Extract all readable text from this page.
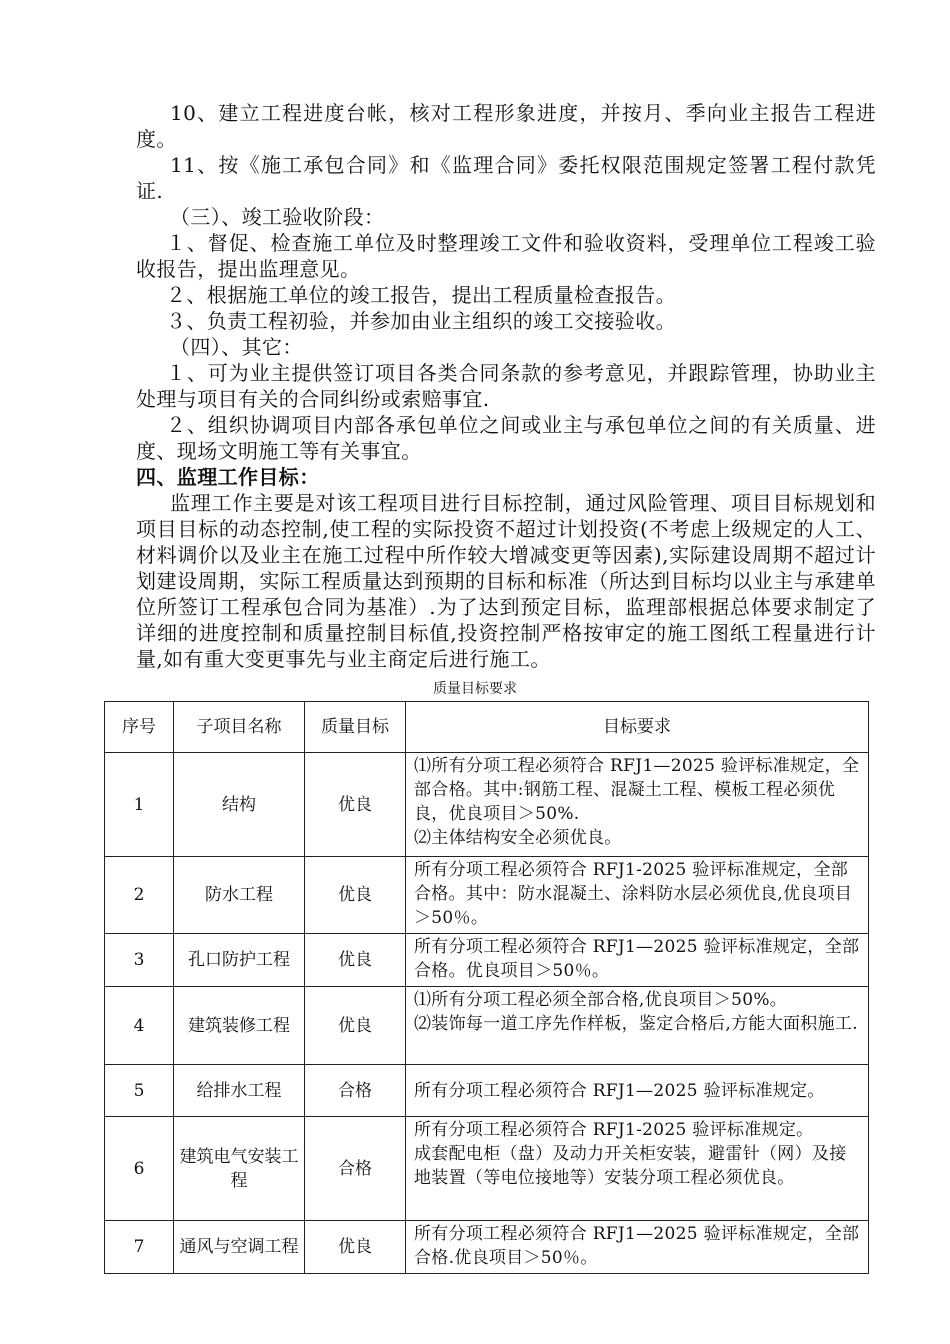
10、建立工程进度台帐，核对工程形象进度，并按月、季向业主报告工程进度。

11、按《施工承包合同》和《监理合同》委托权限范围规定签署工程付款凭证.

（三）、竣工验收阶段：

１、督促、检查施工单位及时整理竣工文件和验收资料，受理单位工程竣工验收报告，提出监理意见。

２、根据施工单位的竣工报告，提出工程质量检查报告。

３、负责工程初验，并参加由业主组织的竣工交接验收。

（四）、其它：

１、可为业主提供签订项目各类合同条款的参考意见，并跟踪管理，协助业主处理与项目有关的合同纠纷或索赔事宜.

２、组织协调项目内部各承包单位之间或业主与承包单位之间的有关质量、进度、现场文明施工等有关事宜。

四、监理工作目标：

监理工作主要是对该工程项目进行目标控制，通过风险管理、项目目标规划和项目目标的动态控制,使工程的实际投资不超过计划投资(不考虑上级规定的人工、材料调价以及业主在施工过程中所作较大增减变更等因素),实际建设周期不超过计划建设周期，实际工程质量达到预期的目标和标准（所达到目标均以业主与承建单位所签订工程承包合同为基准）.为了达到预定目标，监理部根据总体要求制定了详细的进度控制和质量控制目标值,投资控制严格按审定的施工图纸工程量进行计量,如有重大变更事先与业主商定后进行施工。

质量目标要求
序号	子项目名称	质量目标	目标要求
1	结构	优良	⑴所有分项工程必须符合 RFJ1—2025 验评标准规定，全部合格。其中:钢筋工程、混凝土工程、模板工程必须优良，优良项目＞50%.
⑵主体结构安全必须优良。

2	防水工程	优良	所有分项工程必须符合 RFJ1-2025 验评标准规定，全部合格。其中：防水混凝土、涂料防水层必须优良,优良项目＞50％。

3	孔口防护工程	优良	所有分项工程必须符合 RFJ1—2025 验评标准规定，全部合格。优良项目＞50％。

4	建筑装修工程	优良	⑴所有分项工程必须全部合格,优良项目＞50%。
⑵装饰每一道工序先作样板，鉴定合格后,方能大面积施工.

5	给排水工程	合格	所有分项工程必须符合 RFJ1—2025 验评标准规定。

6	建筑电气安装工程	合格	所有分项工程必须符合 RFJ1-2025 验评标准规定。
成套配电柜（盘）及动力开关柜安装，避雷针（网）及接地装置（等电位接地等）安装分项工程必须优良。

7	通风与空调工程	优良	所有分项工程必须符合 RFJ1—2025 验评标准规定，全部合格.优良项目＞50％。
